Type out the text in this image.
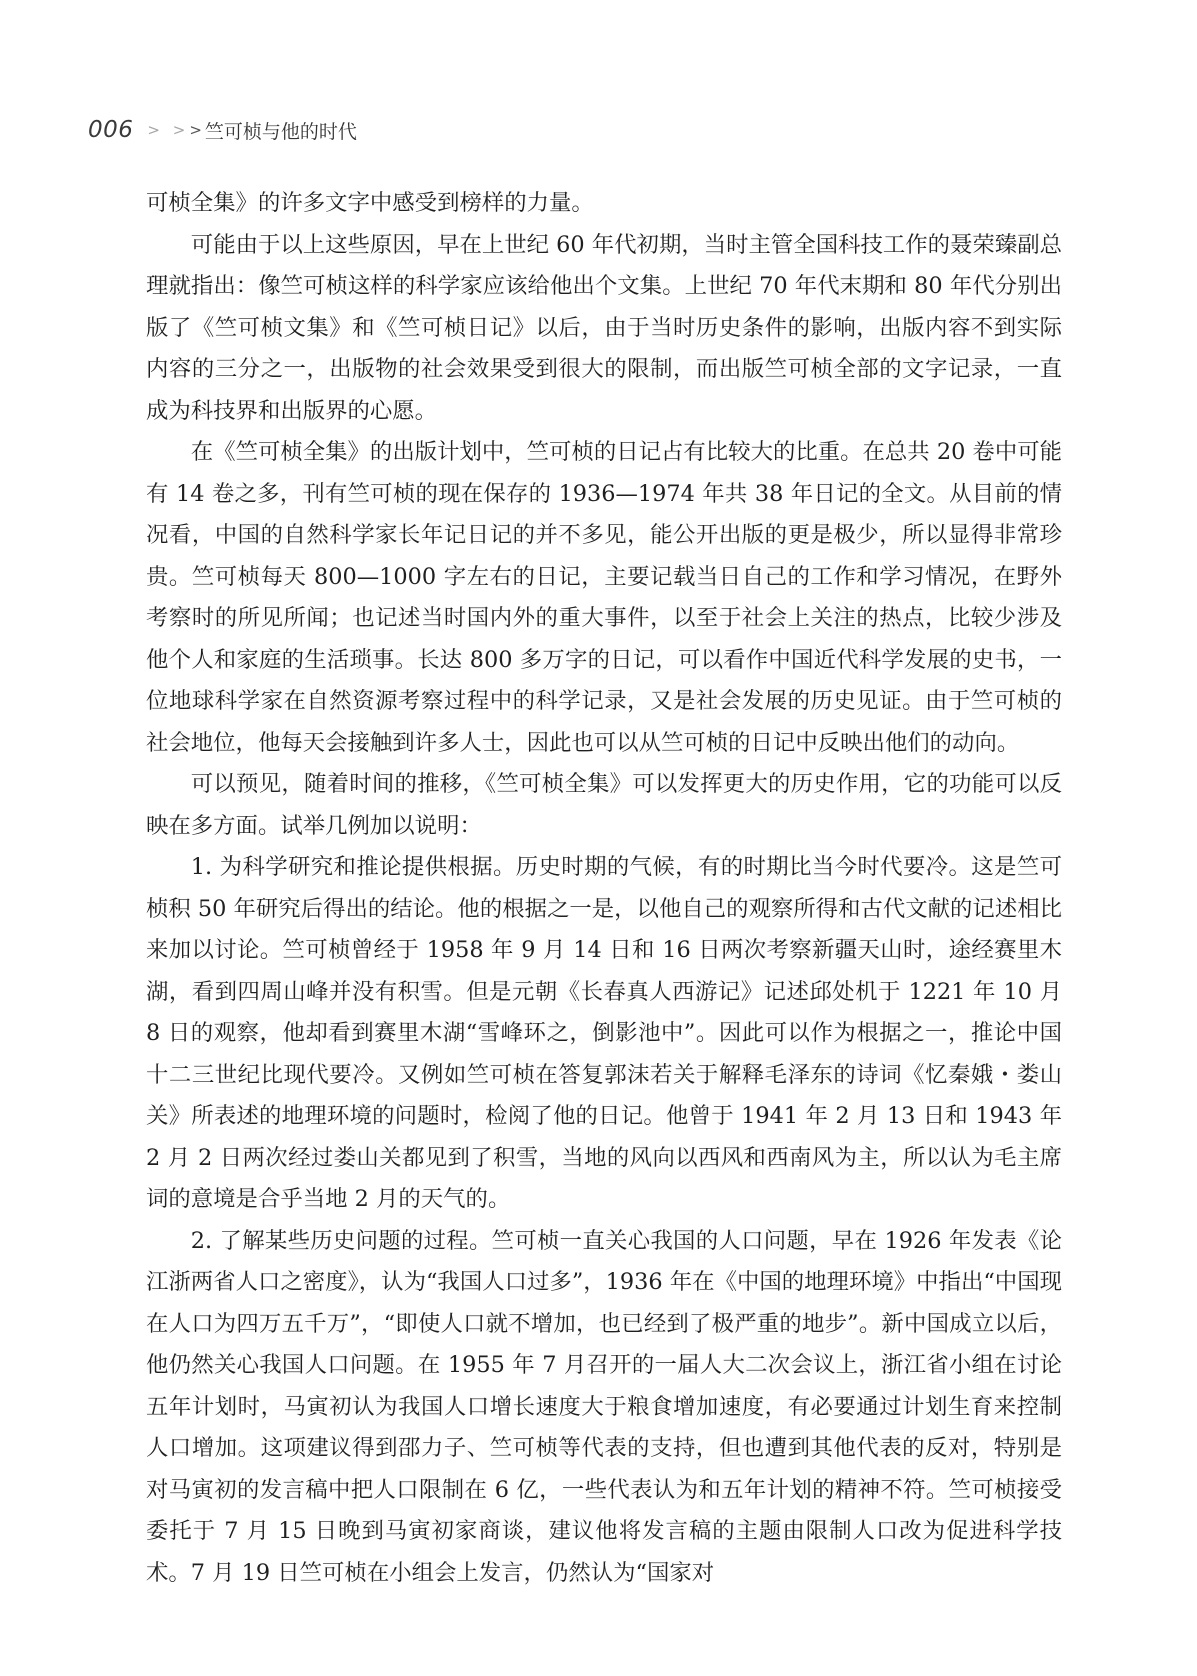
006 > > > 竺可桢与他的时代

可桢全集》的许多文字中感受到榜样的力量。

可能由于以上这些原因，早在上世纪 60 年代初期，当时主管全国科技工作的聂荣臻副总理就指出：像竺可桢这样的科学家应该给他出个文集。上世纪 70 年代末期和 80 年代分别出版了《竺可桢文集》和《竺可桢日记》以后，由于当时历史条件的影响，出版内容不到实际内容的三分之一，出版物的社会效果受到很大的限制，而出版竺可桢全部的文字记录，一直成为科技界和出版界的心愿。

在《竺可桢全集》的出版计划中，竺可桢的日记占有比较大的比重。在总共 20 卷中可能有 14 卷之多，刊有竺可桢的现在保存的 1936—1974 年共 38 年日记的全文。从目前的情况看，中国的自然科学家长年记日记的并不多见，能公开出版的更是极少，所以显得非常珍贵。竺可桢每天 800—1000 字左右的日记，主要记载当日自己的工作和学习情况，在野外考察时的所见所闻；也记述当时国内外的重大事件，以至于社会上关注的热点，比较少涉及他个人和家庭的生活琐事。长达 800 多万字的日记，可以看作中国近代科学发展的史书，一位地球科学家在自然资源考察过程中的科学记录，又是社会发展的历史见证。由于竺可桢的社会地位，他每天会接触到许多人士，因此也可以从竺可桢的日记中反映出他们的动向。

可以预见，随着时间的推移，《竺可桢全集》可以发挥更大的历史作用，它的功能可以反映在多方面。试举几例加以说明：

1. 为科学研究和推论提供根据。历史时期的气候，有的时期比当今时代要冷。这是竺可桢积 50 年研究后得出的结论。他的根据之一是，以他自己的观察所得和古代文献的记述相比来加以讨论。竺可桢曾经于 1958 年 9 月 14 日和 16 日两次考察新疆天山时，途经赛里木湖，看到四周山峰并没有积雪。但是元朝《长春真人西游记》记述邱处机于 1221 年 10 月 8 日的观察，他却看到赛里木湖“雪峰环之，倒影池中”。因此可以作为根据之一，推论中国十二三世纪比现代要冷。又例如竺可桢在答复郭沫若关于解释毛泽东的诗词《忆秦娥・娄山关》所表述的地理环境的问题时，检阅了他的日记。他曾于 1941 年 2 月 13 日和 1943 年 2 月 2 日两次经过娄山关都见到了积雪，当地的风向以西风和西南风为主，所以认为毛主席词的意境是合乎当地 2 月的天气的。

2. 了解某些历史问题的过程。竺可桢一直关心我国的人口问题，早在 1926 年发表《论江浙两省人口之密度》，认为“我国人口过多”，1936 年在《中国的地理环境》中指出“中国现在人口为四万五千万”，“即使人口就不增加，也已经到了极严重的地步”。新中国成立以后，他仍然关心我国人口问题。在 1955 年 7 月召开的一届人大二次会议上，浙江省小组在讨论五年计划时，马寅初认为我国人口增长速度大于粮食增加速度，有必要通过计划生育来控制人口增加。这项建议得到邵力子、竺可桢等代表的支持，但也遭到其他代表的反对，特别是对马寅初的发言稿中把人口限制在 6 亿，一些代表认为和五年计划的精神不符。竺可桢接受委托于 7 月 15 日晚到马寅初家商谈，建议他将发言稿的主题由限制人口改为促进科学技术。7 月 19 日竺可桢在小组会上发言，仍然认为“国家对
